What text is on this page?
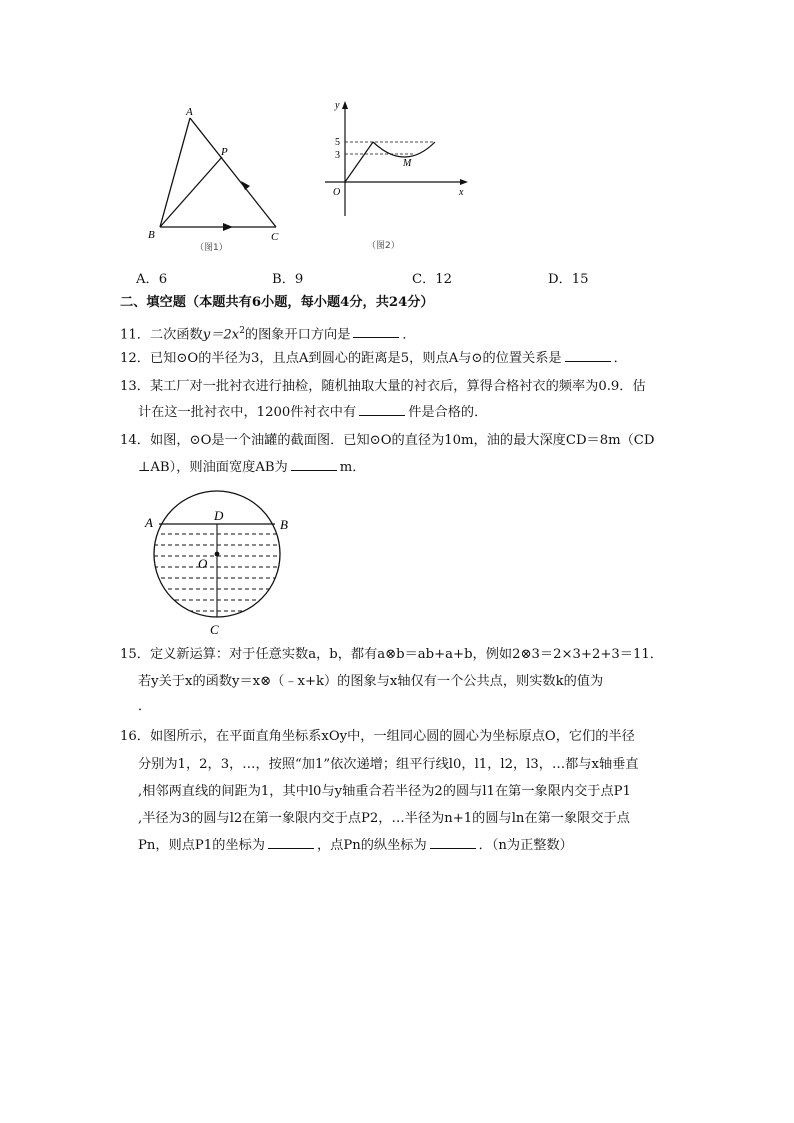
A
P
B	C
（图1）
y
x
O
5
3
M
（图2）
A．6	B．9	C．12	D．15
二、填空题（本题共有6小题，每小题4分，共24分）
11．二次函数$y=2x^2$的图象开口方向是	．
12．已知⊙O的半径为3，且点A到圆心的距离是5，则点A与⊙的位置关系是	．
13．某工厂对一批衬衣进行抽检，随机抽取大量的衬衣后，算得合格衬衣的频率为0.9．估
计在这一批衬衣中，1200件衬衣中有	件是合格的．
14．如图，⊙O是一个油罐的截面图．已知⊙O的直径为10m，油的最大深度CD＝8m（CD
⊥AB），则油面宽度AB为	m．
A	D
B
O
C
15．定义新运算：对于任意实数a，b，都有a⊗b＝ab+a+b，例如2⊗3＝2×3+2+3＝11．
若y关于x的函数y＝x⊗（﹣x+k）的图象与x轴仅有一个公共点，则实数k的值为
．
16．如图所示，在平面直角坐标系xOy中，一组同心圆的圆心为坐标原点O，它们的半径
分别为1，2，3，…，按照“加1”依次递增；组平行线l0，l1，l2，l3，…都与x轴垂直
,相邻两直线的间距为1，其中l0与y轴重合若半径为2的圆与l1在第一象限内交于点P1
,半径为3的圆与l2在第一象限内交于点P2，…半径为n+1的圆与ln在第一象限交于点
Pn，则点P1的坐标为	，点Pn的纵坐标为	．（n为正整数）
